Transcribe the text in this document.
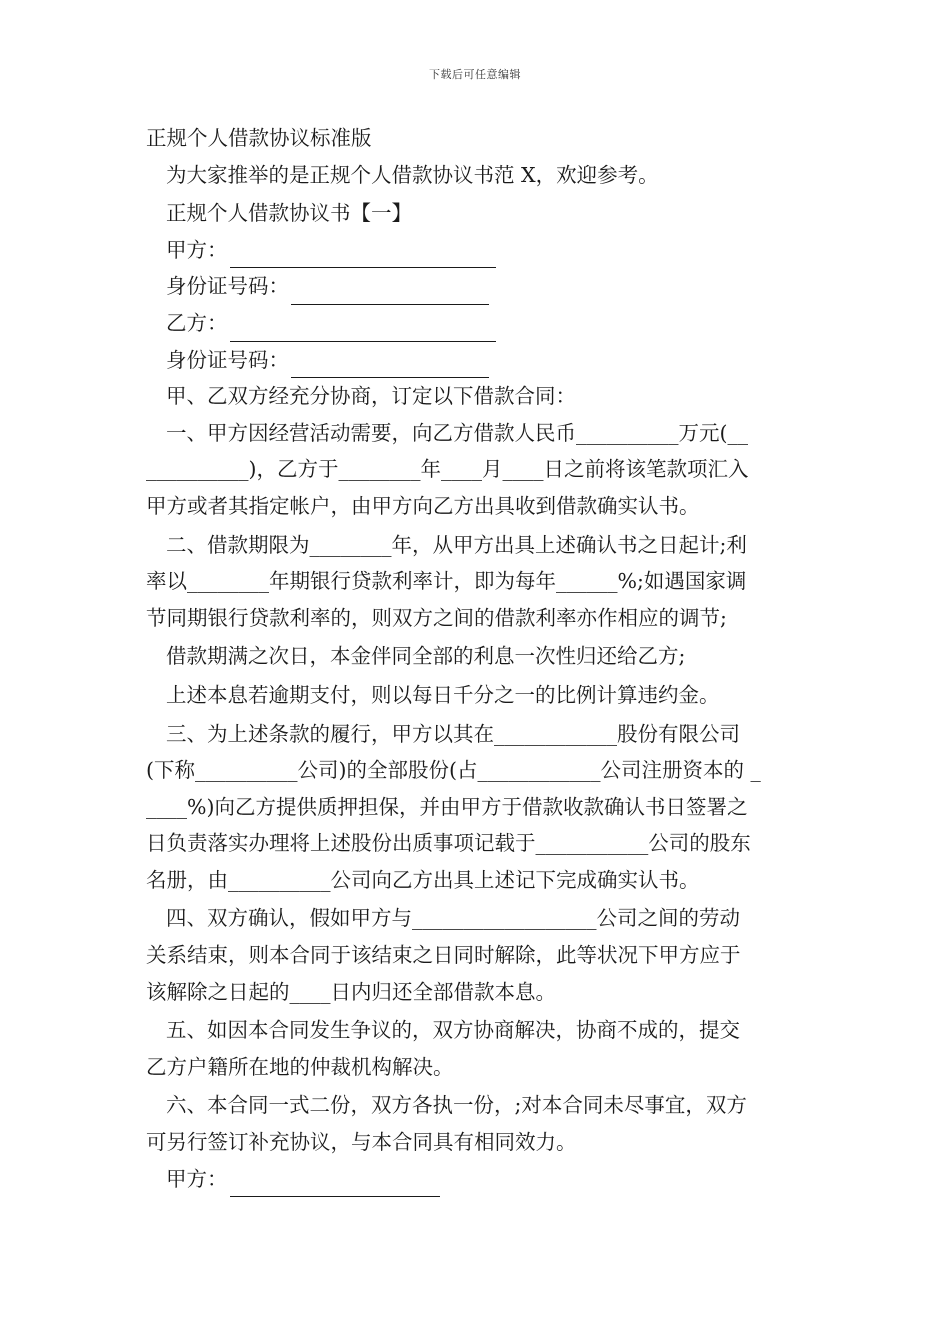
下载后可任意编辑

正规个人借款协议标准版

为大家推举的是正规个人借款协议书范 X，欢迎参考。

正规个人借款协议书【一】

甲方：

身份证号码：

乙方：

身份证号码：

甲、乙双方经充分协商，订定以下借款合同：

一、甲方因经营活动需要，向乙方借款人民币__________万元(__

__________)，乙方于________年____月____日之前将该笔款项汇入

甲方或者其指定帐户，由甲方向乙方出具收到借款确实认书。

二、借款期限为________年，从甲方出具上述确认书之日起计;利

率以________年期银行贷款利率计，即为每年______%;如遇国家调

节同期银行贷款利率的，则双方之间的借款利率亦作相应的调节;

借款期满之次日，本金伴同全部的利息一次性归还给乙方;

上述本息若逾期支付，则以每日千分之一的比例计算违约金。

三、为上述条款的履行，甲方以其在____________股份有限公司

(下称__________公司)的全部股份(占____________公司注册资本的 _

____%)向乙方提供质押担保，并由甲方于借款收款确认书日签署之

日负责落实办理将上述股份出质事项记载于___________公司的股东

名册，由__________公司向乙方出具上述记下完成确实认书。

四、双方确认，假如甲方与__________________公司之间的劳动

关系结束，则本合同于该结束之日同时解除，此等状况下甲方应于

该解除之日起的____日内归还全部借款本息。

五、如因本合同发生争议的，双方协商解决，协商不成的，提交

乙方户籍所在地的仲裁机构解决。

六、本合同一式二份，双方各执一份，;对本合同未尽事宜，双方

可另行签订补充协议，与本合同具有相同效力。

甲方：
